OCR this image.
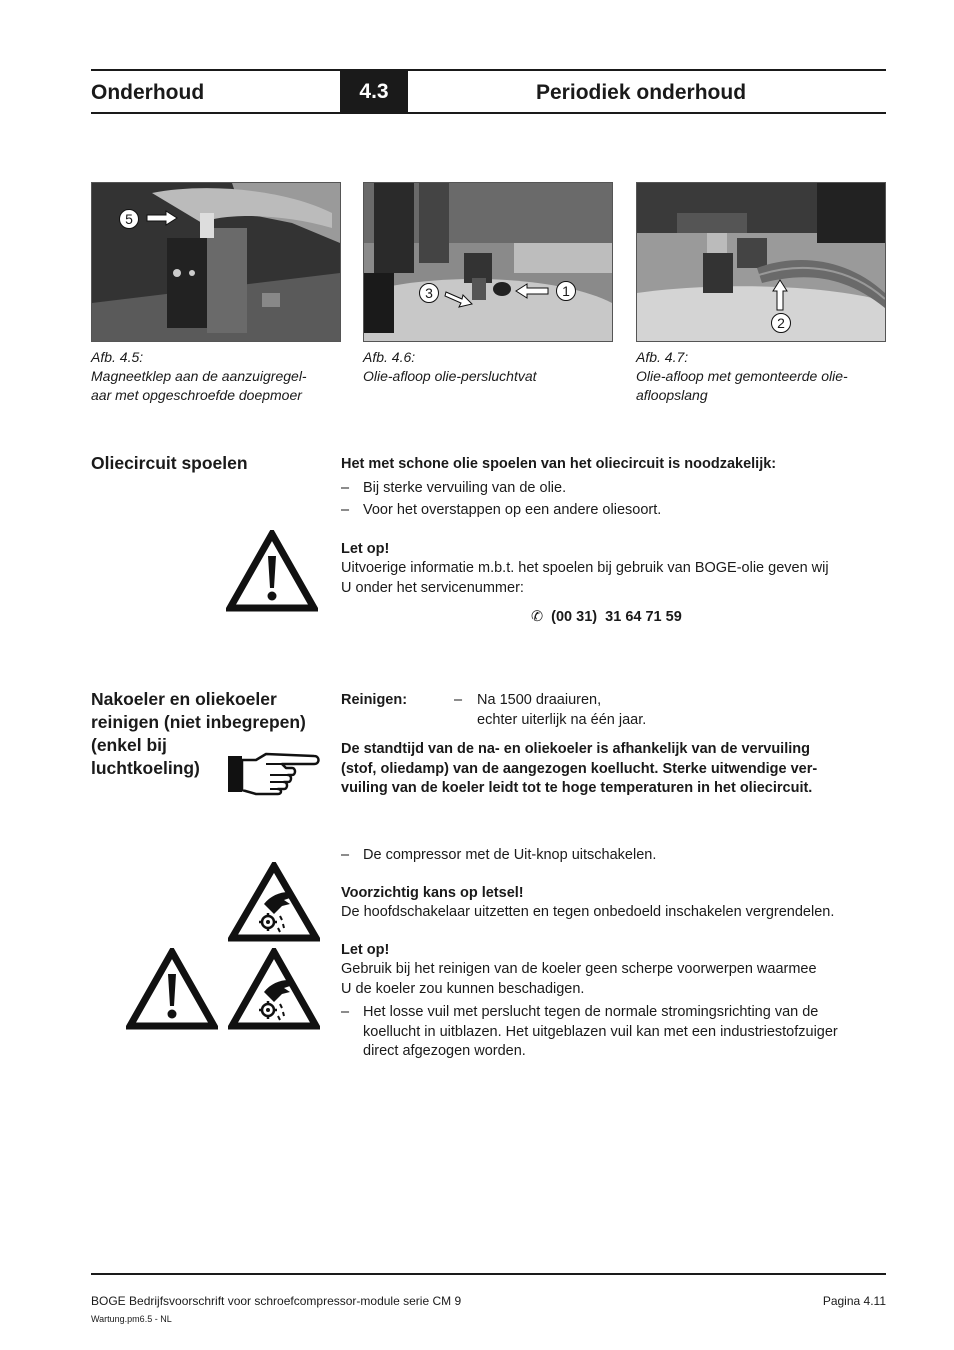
Onderhoud	4.3	Periodiek onderhoud
5
3	1
2
Afb. 4.5:
Magneetklep aan de aanzuigregel-
aar met opgeschroefde doepmoer
Afb. 4.6:
Olie-afloop olie-persluchtvat
Afb. 4.7:
Olie-afloop met gemonteerde olie-
afloopslang
Oliecircuit spoelen	Het met schone olie spoelen van het oliecircuit is noodzakelijk:
– Bij sterke vervuiling van de olie.
– Voor het overstappen op een andere oliesoort.
Let op!
Uitvoerige informatie m.b.t. het spoelen bij gebruik van BOGE-olie geven wij
U onder het servicenummer:
✆ (00 31)  31 64 71 59
Nakoeler en oliekoeler
reinigen (niet inbegrepen)
(enkel bij
luchtkoeling)
Reinigen:	–	Na 1500 draaiuren,
echter uiterlijk na één jaar.
De standtijd van de na- en oliekoeler is afhankelijk van de vervuiling
(stof, oliedamp) van de aangezogen koellucht. Sterke uitwendige ver-
vuiling van de koeler leidt tot te hoge temperaturen in het oliecircuit.
– De compressor met de Uit-knop uitschakelen.
Voorzichtig kans op letsel!
De hoofdschakelaar uitzetten en tegen onbedoeld inschakelen vergrendelen.
Let op!
Gebruik bij het reinigen van de koeler geen scherpe voorwerpen waarmee
U de koeler zou kunnen beschadigen.
– Het losse vuil met perslucht tegen de normale stromingsrichting van de
koellucht in uitblazen. Het uitgeblazen vuil kan met een industriestofzuiger
direct afgezogen worden.
BOGE Bedrijfsvoorschrift voor schroefcompressor-module serie CM 9	Pagina 4.11
Wartung.pm6.5 - NL
